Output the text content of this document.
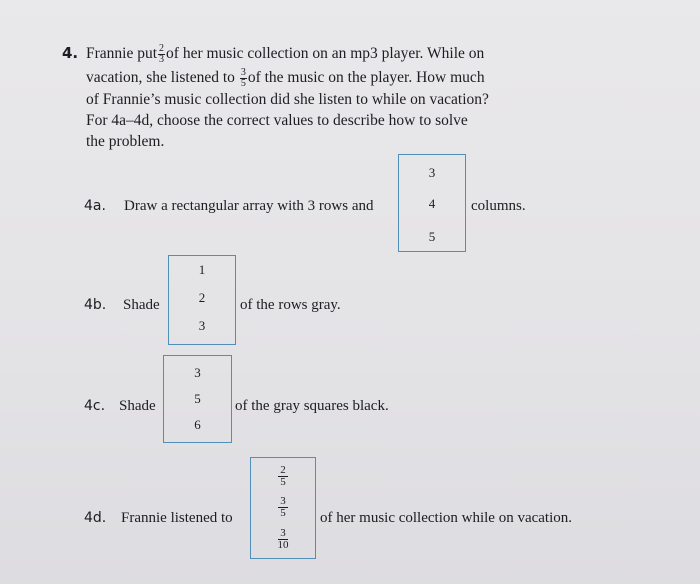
4. Frannie put $\frac{2}{3}$ of her music collection on an mp3 player. While on
vacation, she listened to $\frac{3}{5}$ of the music on the player. How much
of Frannie’s music collection did she listen to while on vacation?
For 4a–4d, choose the correct values to describe how to solve
the problem.
4a. Draw a rectangular array with 3 rows and
3
4
5
columns.
4b. Shade
1
2
3
of the rows gray.
4c. Shade
3
5
6
of the gray squares black.
4d. Frannie listened to
$\frac{2}{5}$
$\frac{3}{5}$
$\frac{3}{10}$
of her music collection while on vacation.
